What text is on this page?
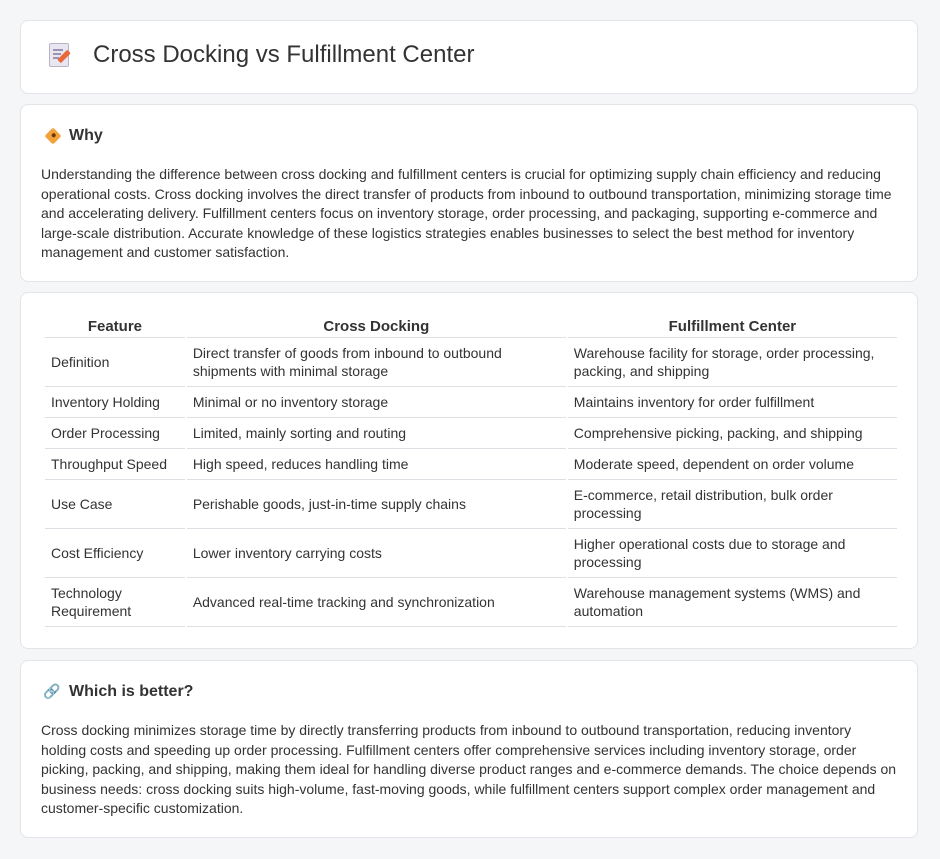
Cross Docking vs Fulfillment Center
Why

Understanding the difference between cross docking and fulfillment centers is crucial for optimizing supply chain efficiency and reducing operational costs. Cross docking involves the direct transfer of products from inbound to outbound transportation, minimizing storage time and accelerating delivery. Fulfillment centers focus on inventory storage, order processing, and packaging, supporting e-commerce and large-scale distribution. Accurate knowledge of these logistics strategies enables businesses to select the best method for inventory management and customer satisfaction.

Feature	Cross Docking	Fulfillment Center
Definition	Direct transfer of goods from inbound to outbound shipments with minimal storage	Warehouse facility for storage, order processing, packing, and shipping
Inventory Holding	Minimal or no inventory storage	Maintains inventory for order fulfillment
Order Processing	Limited, mainly sorting and routing	Comprehensive picking, packing, and shipping
Throughput Speed	High speed, reduces handling time	Moderate speed, dependent on order volume
Use Case	Perishable goods, just-in-time supply chains	E-commerce, retail distribution, bulk order processing
Cost Efficiency	Lower inventory carrying costs	Higher operational costs due to storage and processing
Technology Requirement	Advanced real-time tracking and synchronization	Warehouse management systems (WMS) and automation
🔗 Which is better?

Cross docking minimizes storage time by directly transferring products from inbound to outbound transportation, reducing inventory holding costs and speeding up order processing. Fulfillment centers offer comprehensive services including inventory storage, order picking, packing, and shipping, making them ideal for handling diverse product ranges and e-commerce demands. The choice depends on business needs: cross docking suits high-volume, fast-moving goods, while fulfillment centers support complex order management and customer-specific customization.
